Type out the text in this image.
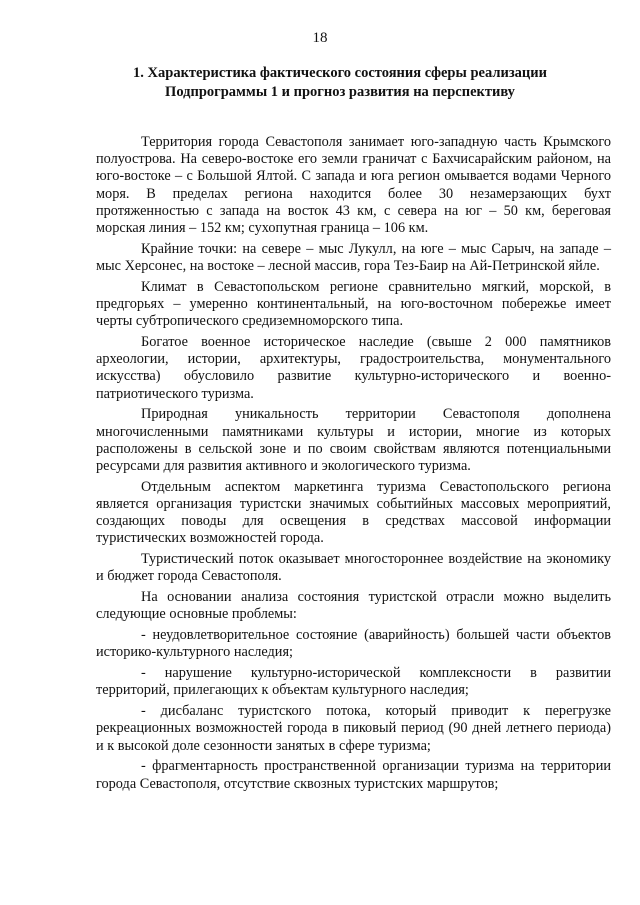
18
1. Характеристика фактического состояния сферы реализации
Подпрограммы 1 и прогноз развития на перспективу

Территория города Севастополя занимает юго-западную часть Крымского полуострова. На северо-востоке его земли граничат с Бахчисарайским районом, на юго-востоке – с Большой Ялтой. С запада и юга регион омывается водами Черного моря. В пределах региона находится более 30 незамерзающих бухт протяженностью с запада на восток 43 км, с севера на юг – 50 км, береговая морская линия – 152 км; сухопутная граница – 106 км.

Крайние точки: на севере – мыс Лукулл, на юге – мыс Сарыч, на западе – мыс Херсонес, на востоке – лесной массив, гора Тез-Баир на Ай-Петринской яйле.

Климат в Севастопольском регионе сравнительно мягкий, морской, в предгорьях – умеренно континентальный, на юго-восточном побережье имеет черты субтропического средиземноморского типа.

Богатое военное историческое наследие (свыше 2 000 памятников археологии, истории, архитектуры, градостроительства, монументального искусства) обусловило развитие культурно-исторического и военно-патриотического туризма.

Природная уникальность территории Севастополя дополнена многочисленными памятниками культуры и истории, многие из которых расположены в сельской зоне и по своим свойствам являются потенциальными ресурсами для развития активного и экологического туризма.

Отдельным аспектом маркетинга туризма Севастопольского региона является организация туристски значимых событийных массовых мероприятий, создающих поводы для освещения в средствах массовой информации туристических возможностей города.

Туристический поток оказывает многостороннее воздействие на экономику и бюджет города Севастополя.

На основании анализа состояния туристской отрасли можно выделить следующие основные проблемы:

- неудовлетворительное состояние (аварийность) большей части объектов историко-культурного наследия;

- нарушение культурно-исторической комплексности в развитии территорий, прилегающих к объектам культурного наследия;

- дисбаланс туристского потока, который приводит к перегрузке рекреационных возможностей города в пиковый период (90 дней летнего периода) и к высокой доле сезонности занятых в сфере туризма;

- фрагментарность пространственной организации туризма на территории города Севастополя, отсутствие сквозных туристских маршрутов;
